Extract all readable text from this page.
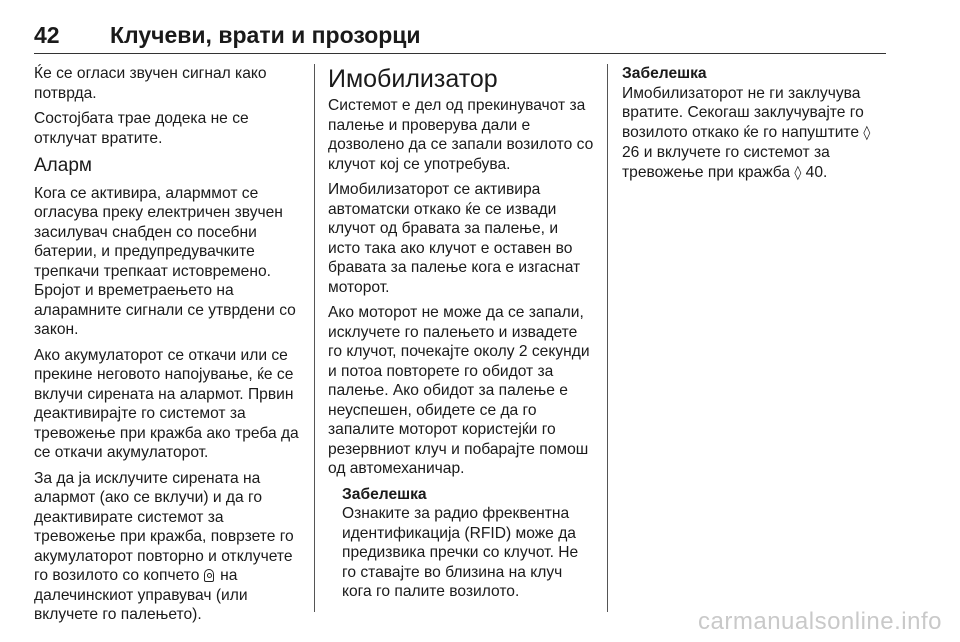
42 Клучеви, врати и прозорци

Ќе се огласи звучен сигнал како потврда.

Состојбата трае додека не се отклучат вратите.

Аларм

Кога се активира, аларммот се огласува преку електричен звучен засилувач снабден со посебни батерии, и предупредувачките трепкачи трепкаат истовремено. Бројот и времетраењето на аларамните сигнали се утврдени со закон.

Ако акумулаторот се откачи или се прекине неговото напојување, ќе се вклучи сирената на алармот. Првин деактивирајте го системот за тревожење при кражба ако треба да се откачи акумулаторот.

За да ја исклучите сирената на алармот (ако се вклучи) и да го деактивирате системот за тревожење при кражба, поврзете го акумулаторот повторно и отклучете го возилото со копчето  на далечинскиот управувач (или вклучете го палењето).

Имобилизатор

Системот е дел од прекинувачот за палење и проверува дали е дозволено да се запали возилото со клучот кој се употребува.

Имобилизаторот се активира автоматски откако ќе се извади клучот од бравата за палење, и исто така ако клучот е оставен во бравата за палење кога е изгаснат моторот.

Ако моторот не може да се запали, исклучете го палењето и извадете го клучот, почекајте околу 2 секунди и потоа повторете го обидот за палење. Ако обидот за палење е неуспешен, обидете се да го запалите моторот користејќи го резервниот клуч и побарајте помош од автомеханичар.

Забелешка
Ознаките за радио фреквентна идентификација (RFID) може да предизвика пречки со клучот. Не го ставајте во близина на клуч кога го палите возилото.
Забелешка
Имобилизаторот не ги заклучува вратите. Секогаш заклучувајте го возилото откако ќе го напуштите ◊ 26 и вклучете го системот за тревожење при кражба ◊ 40.
carmanualsonline.info
